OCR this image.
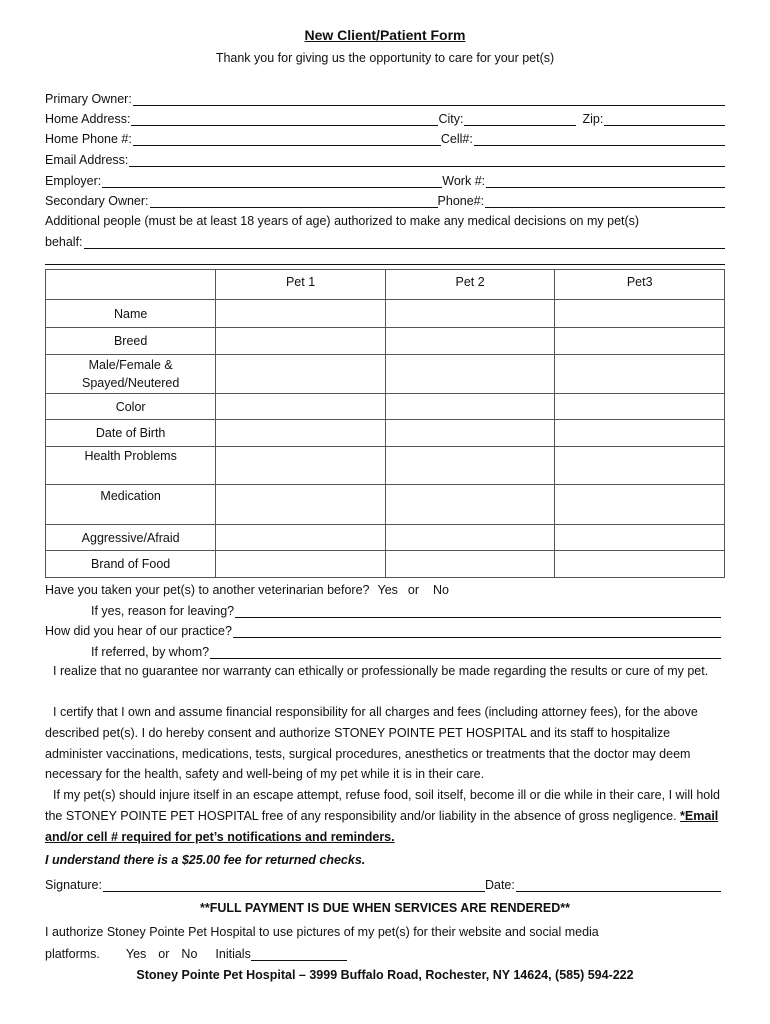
New Client/Patient Form
Thank you for giving us the opportunity to care for your pet(s)
Primary Owner:
Home Address:	City:	Zip:
Home Phone #:	Cell#:
Email Address:
Employer:	Work #:
Secondary Owner:	Phone#:
Additional people (must be at least 18 years of age) authorized to make any medical decisions on my pet(s)
behalf:
	Pet 1	Pet 2	Pet3
Name			
Breed			

Male/Female &
Spayed/Neutered			

Color			
Date of Birth			
Health Problems			
Medication			
Aggressive/Afraid			
Brand of Food			
Have you taken your pet(s) to another veterinarian before? Yes or	No
If yes, reason for leaving?
How did you hear of our practice?
If referred, by whom?
I realize that no guarantee nor warranty can ethically or professionally be made regarding the results or cure of my pet.
I certify that I own and assume financial responsibility for all charges and fees (including attorney fees), for the above described pet(s). I do hereby consent and authorize STONEY POINTE PET HOSPITAL and its staff to hospitalize administer vaccinations, medications, tests, surgical procedures, anesthetics or treatments that the doctor may deem necessary for the health, safety and well-being of my pet while it is in their care.
If my pet(s) should injure itself in an escape attempt, refuse food, soil itself, become ill or die while in their care, I will hold the STONEY POINTE PET HOSPITAL free of any responsibility and/or liability in the absence of gross negligence. *Email and/or cell # required for pet’s notifications and reminders.
I understand there is a $25.00 fee for returned checks.
Signature:	Date:
**FULL PAYMENT IS DUE WHEN SERVICES ARE RENDERED**
I authorize Stoney Pointe Pet Hospital to use pictures of my pet(s) for their website and social media
platforms.	Yes or No	Initials
Stoney Pointe Pet Hospital – 3999 Buffalo Road, Rochester, NY 14624, (585) 594-222
